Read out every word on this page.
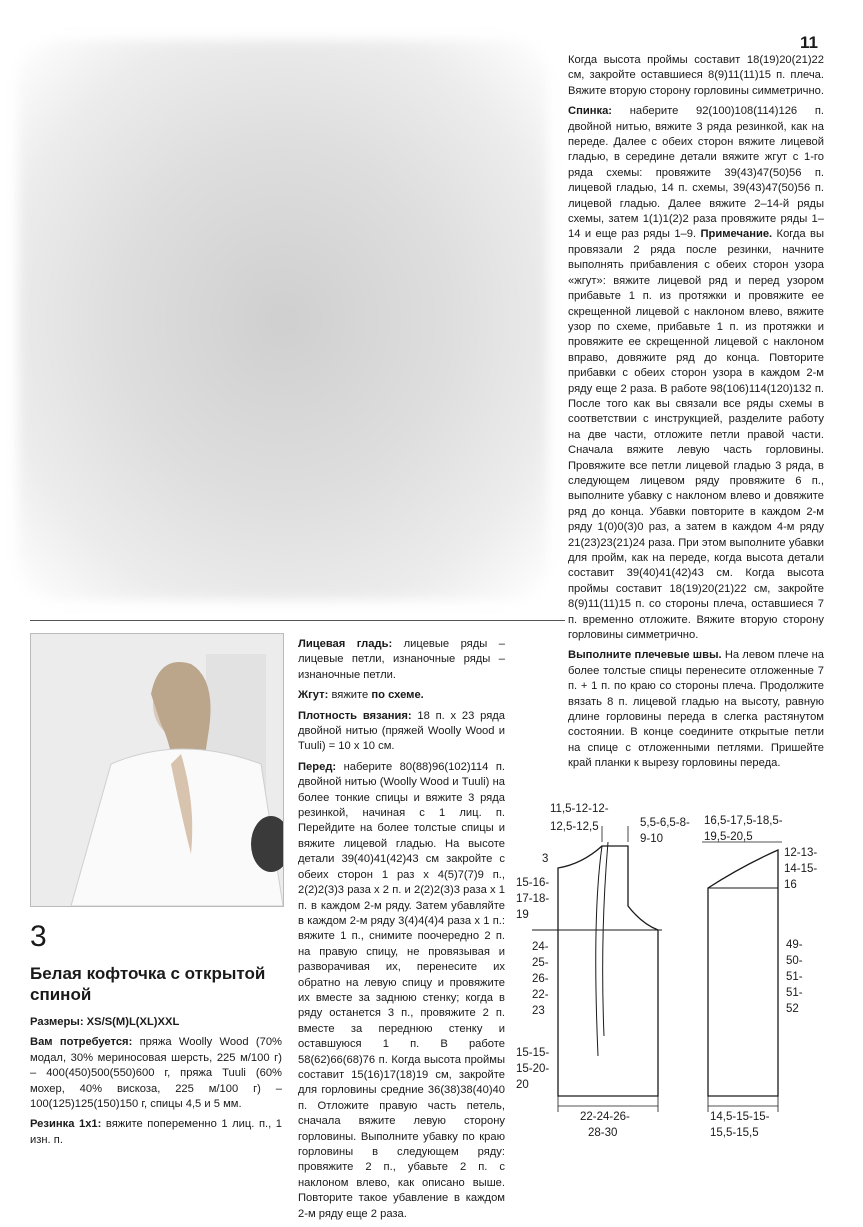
11

Когда высота проймы составит 18(19)20(21)22 см, закройте оставшиеся 8(9)11(11)15 п. плеча. Вяжите вторую сторону горловины симметрично.

Спинка: наберите 92(100)108(114)126 п. двойной нитью, вяжите 3 ряда резинкой, как на переде. Далее с обеих сторон вяжите лицевой гладью, в середине детали вяжите жгут с 1-го ряда схемы: провяжите 39(43)47(50)56 п. лицевой гладью, 14 п. схемы, 39(43)47(50)56 п. лицевой гладью. Далее вяжите 2–14-й ряды схемы, затем 1(1)1(2)2 раза провяжите ряды 1–14 и еще раз ряды 1–9. Примечание. Когда вы провязали 2 ряда после резинки, начните выполнять прибавления с обеих сторон узора «жгут»: вяжите лицевой ряд и перед узором прибавьте 1 п. из протяжки и провяжите ее скрещенной лицевой с наклоном влево, вяжите узор по схеме, прибавьте 1 п. из протяжки и провяжите ее скрещенной лицевой с наклоном вправо, довяжите ряд до конца. Повторите прибавки с обеих сторон узора в каждом 2-м ряду еще 2 раза. В работе 98(106)114(120)132 п. После того как вы связали все ряды схемы в соответствии с инструкцией, разделите работу на две части, отложите петли правой части. Сначала вяжите левую часть горловины. Провяжите все петли лицевой гладью 3 ряда, в следующем лицевом ряду провяжите 6 п., выполните убавку с наклоном влево и довяжите ряд до конца. Убавки повторите в каждом 2-м ряду 1(0)0(3)0 раз, а затем в каждом 4-м ряду 21(23)23(21)24 раза. При этом выполните убавки для пройм, как на переде, когда высота детали составит 39(40)41(42)43 см. Когда высота проймы составит 18(19)20(21)22 см, закройте 8(9)11(11)15 п. со стороны плеча, оставшиеся 7 п. временно отложите. Вяжите вторую сторону горловины симметрично.

Выполните плечевые швы. На левом плече на более толстые спицы перенесите отложенные 7 п. + 1 п. по краю со стороны плеча. Продолжите вязать 8 п. лицевой гладью на высоту, равную длине горловины переда в слегка растянутом состоянии. В конце соедините открытые петли на спице с отложенными петлями. Пришейте край планки к вырезу горловины переда.

3
Белая кофточка с открытой спиной

Размеры: XS/S(M)L(XL)XXL

Вам потребуется: пряжа Woolly Wood (70% модал, 30% мериносовая шерсть, 225 м/100 г) – 400(450)500(550)600 г, пряжа Tuuli (60% мохер, 40% вискоза, 225 м/100 г) – 100(125)125(150)150 г, спицы 4,5 и 5 мм.

Резинка 1х1: вяжите попеременно 1 лиц. п., 1 изн. п.

Лицевая гладь: лицевые ряды – лицевые петли, изнаночные ряды – изнаночные петли.

Жгут: вяжите по схеме.

Плотность вязания: 18 п. х 23 ряда двойной нитью (пряжей Woolly Wood и Tuuli) = 10 х 10 см.

Перед: наберите 80(88)96(102)114 п. двойной нитью (Woolly Wood и Tuuli) на более тонкие спицы и вяжите 3 ряда резинкой, начиная с 1 лиц. п. Перейдите на более толстые спицы и вяжите лицевой гладью. На высоте детали 39(40)41(42)43 см закройте с обеих сторон 1 раз х 4(5)7(7)9 п., 2(2)2(3)3 раза х 2 п. и 2(2)2(3)3 раза х 1 п. в каждом 2-м ряду. Затем убавляйте в каждом 2-м ряду 3(4)4(4)4 раза х 1 п.: вяжите 1 п., снимите поочередно 2 п. на правую спицу, не провязывая и разворачивая их, перенесите их обратно на левую спицу и провяжите их вместе за заднюю стенку; когда в ряду останется 3 п., провяжите 2 п. вместе за переднюю стенку и оставшуюся 1 п. В работе 58(62)66(68)76 п. Когда высота проймы составит 15(16)17(18)19 см, закройте для горловины средние 36(38)38(40)40 п. Отложите правую часть петель, сначала вяжите левую сторону горловины. Выполните убавку по краю горловины в следующем ряду: провяжите 2 п., убавьте 2 п. с наклоном влево, как описано выше. Повторите такое убавление в каждом 2-м ряду еще 2 раза.

11,5-12-12-
12,5-12,5	5,5-6,5-8-
9-10
3
15-16-
17-18-
19
24-
25-
26-
22-
23
15-15-
15-20-
20
22-24-26-
28-30
16,5-17,5-18,5-
19,5-20,5
12-13-
14-15-
16
49-
50-
51-
51-
52
14,5-15-15-
15,5-15,5
